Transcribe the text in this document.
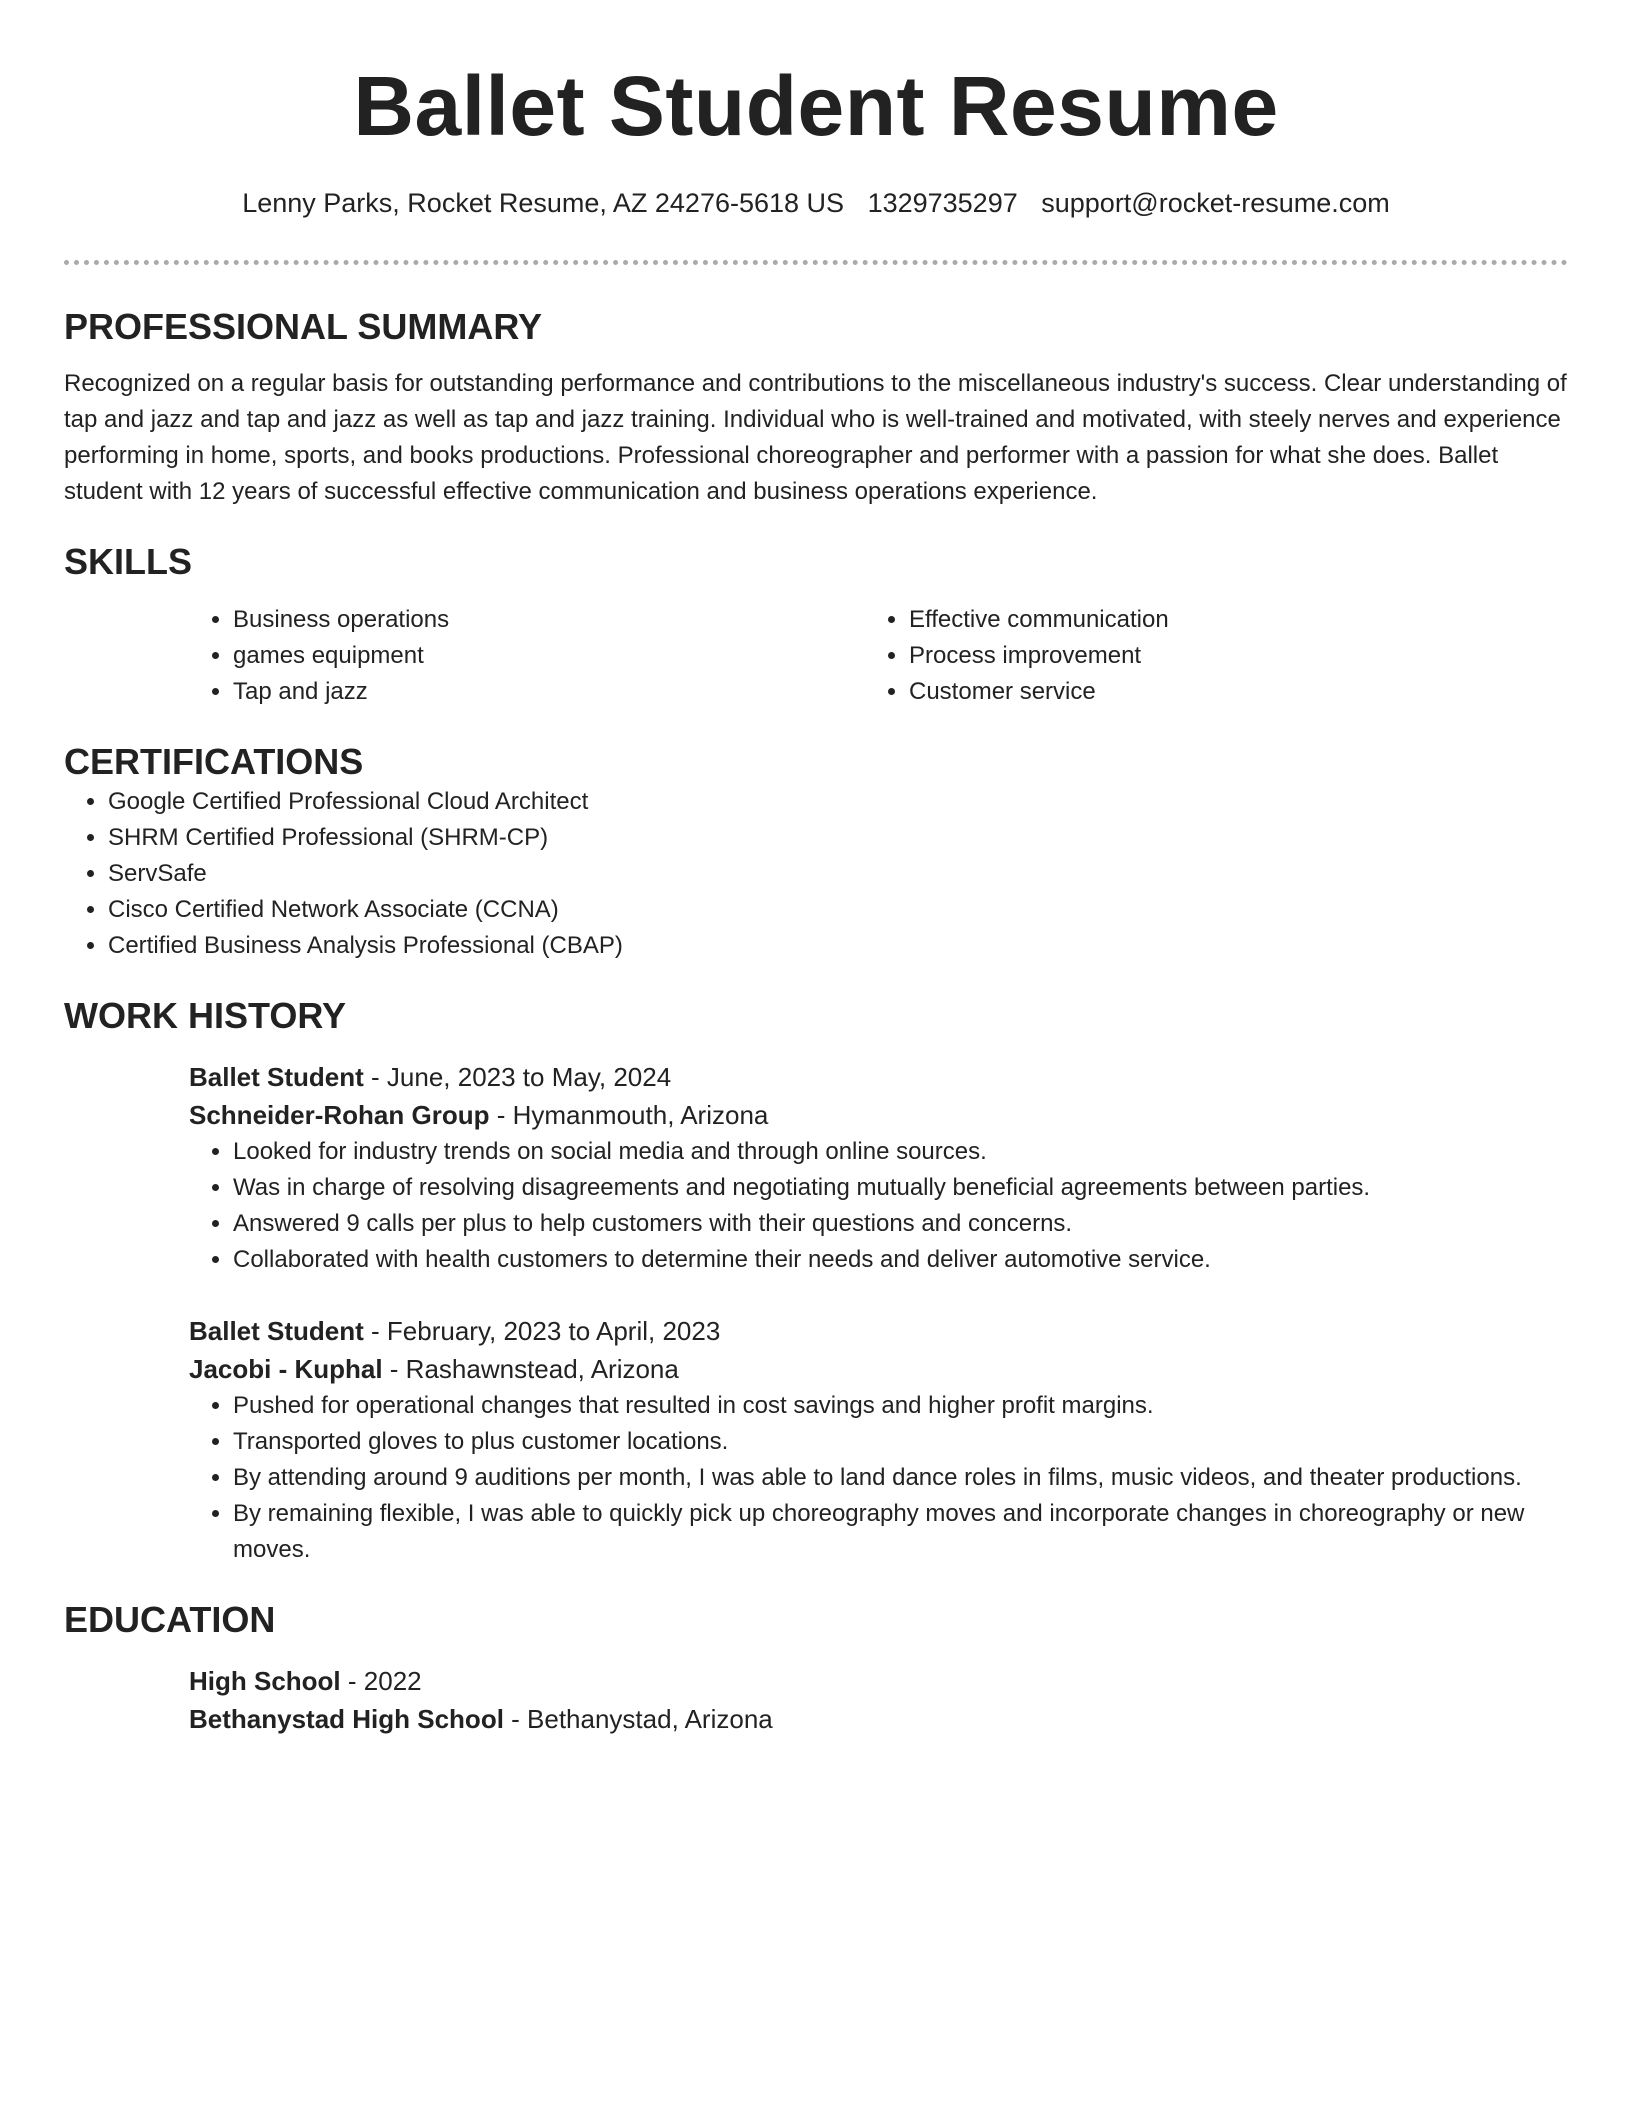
Ballet Student Resume
Lenny Parks, Rocket Resume, AZ 24276-5618 US 1329735297 support@rocket-resume.com
PROFESSIONAL SUMMARY

Recognized on a regular basis for outstanding performance and contributions to the miscellaneous industry's success. Clear understanding of tap and jazz and tap and jazz as well as tap and jazz training. Individual who is well-trained and motivated, with steely nerves and experience performing in home, sports, and books productions. Professional choreographer and performer with a passion for what she does. Ballet student with 12 years of successful effective communication and business operations experience.

SKILLS
• Business operations
• games equipment
• Tap and jazz
• Effective communication
• Process improvement
• Customer service
CERTIFICATIONS
• Google Certified Professional Cloud Architect
• SHRM Certified Professional (SHRM-CP)
• ServSafe
• Cisco Certified Network Associate (CCNA)
• Certified Business Analysis Professional (CBAP)
WORK HISTORY
Ballet Student - June, 2023 to May, 2024
Schneider-Rohan Group - Hymanmouth, Arizona
• Looked for industry trends on social media and through online sources.
• Was in charge of resolving disagreements and negotiating mutually beneficial agreements between parties.
• Answered 9 calls per plus to help customers with their questions and concerns.
• Collaborated with health customers to determine their needs and deliver automotive service.
Ballet Student - February, 2023 to April, 2023
Jacobi - Kuphal - Rashawnstead, Arizona
• Pushed for operational changes that resulted in cost savings and higher profit margins.
• Transported gloves to plus customer locations.
• By attending around 9 auditions per month, I was able to land dance roles in films, music videos, and theater productions.
• By remaining flexible, I was able to quickly pick up choreography moves and incorporate changes in choreography or new moves.
EDUCATION
High School - 2022
Bethanystad High School - Bethanystad, Arizona
